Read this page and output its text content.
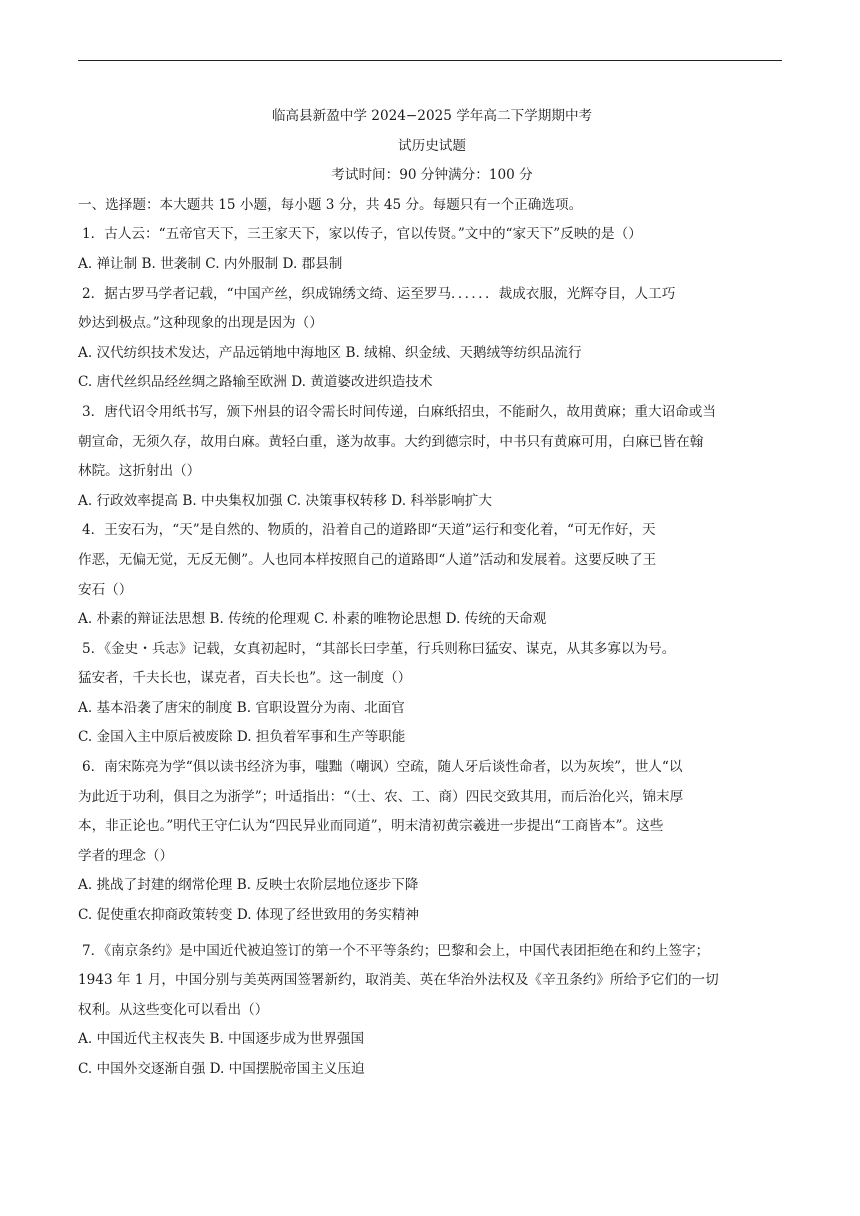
临高县新盈中学 2024−2025 学年高二下学期期中考
试历史试题
考试时间：90 分钟满分：100 分
一、选择题：本大题共 15 小题，每小题 3 分，共 45 分。每题只有一个正确选项。
1．古人云：“五帝官天下，三王家天下，家以传子，官以传贤。”文中的“家天下”反映的是（）
A. 禅让制 B. 世袭制 C. 内外服制 D. 郡县制
2．据古罗马学者记载，“中国产丝，织成锦绣文绮、运至罗马．．．．．．裁成衣服，光辉夺目，人工巧
妙达到极点。”这种现象的出现是因为（）
A. 汉代纺织技术发达，产品远销地中海地区 B. 绒棉、织金绒、天鹅绒等纺织品流行
C. 唐代丝织品经丝绸之路输至欧洲 D. 黄道婆改进织造技术
3．唐代诏令用纸书写，颁下州县的诏令需长时间传递，白麻纸招虫，不能耐久，故用黄麻；重大诏命或当
朝宣命，无须久存，故用白麻。黄轻白重，遂为故事。大约到德宗时，中书只有黄麻可用，白麻已皆在翰
林院。这折射出（）
A. 行政效率提高 B. 中央集权加强 C. 决策事权转移 D. 科举影响扩大
4．王安石为，“天”是自然的、物质的，沿着自己的道路即“天道”运行和变化着，“可无作好，天
作恶，无偏无觉，无反无侧”。人也同本样按照自己的道路即“人道”活动和发展着。这要反映了王
安石（）
A. 朴素的辩证法思想 B. 传统的伦理观 C. 朴素的唯物论思想 D. 传统的天命观
5．《金史・兵志》记载，女真初起时，“其部长曰孛堇，行兵则称曰猛安、谋克，从其多寡以为号。
猛安者，千夫长也，谋克者，百夫长也”。这一制度（）
A. 基本沿袭了唐宋的制度 B. 官职设置分为南、北面官
C. 金国入主中原后被废除 D. 担负着军事和生产等职能
6．南宋陈亮为学“俱以读书经济为事，嗤黜（嘲讽）空疏，随人牙后谈性命者，以为灰埃”，世人“以
为此近于功利，俱目之为浙学”；叶适指出：“（士、农、工、商）四民交致其用，而后治化兴，锦末厚
本，非正论也。”明代王守仁认为“四民异业而同道”，明末清初黄宗羲进一步提出“工商皆本”。这些
学者的理念（）
A. 挑战了封建的纲常伦理 B. 反映士农阶层地位逐步下降
C. 促使重农抑商政策转变 D. 体现了经世致用的务实精神
7．《南京条约》是中国近代被迫签订的第一个不平等条约；巴黎和会上，中国代表团拒绝在和约上签字；
1943 年 1 月，中国分别与美英两国签署新约，取消美、英在华治外法权及《辛丑条约》所给予它们的一切
权利。从这些变化可以看出（）
A. 中国近代主权丧失 B. 中国逐步成为世界强国
C. 中国外交逐渐自强 D. 中国摆脱帝国主义压迫
